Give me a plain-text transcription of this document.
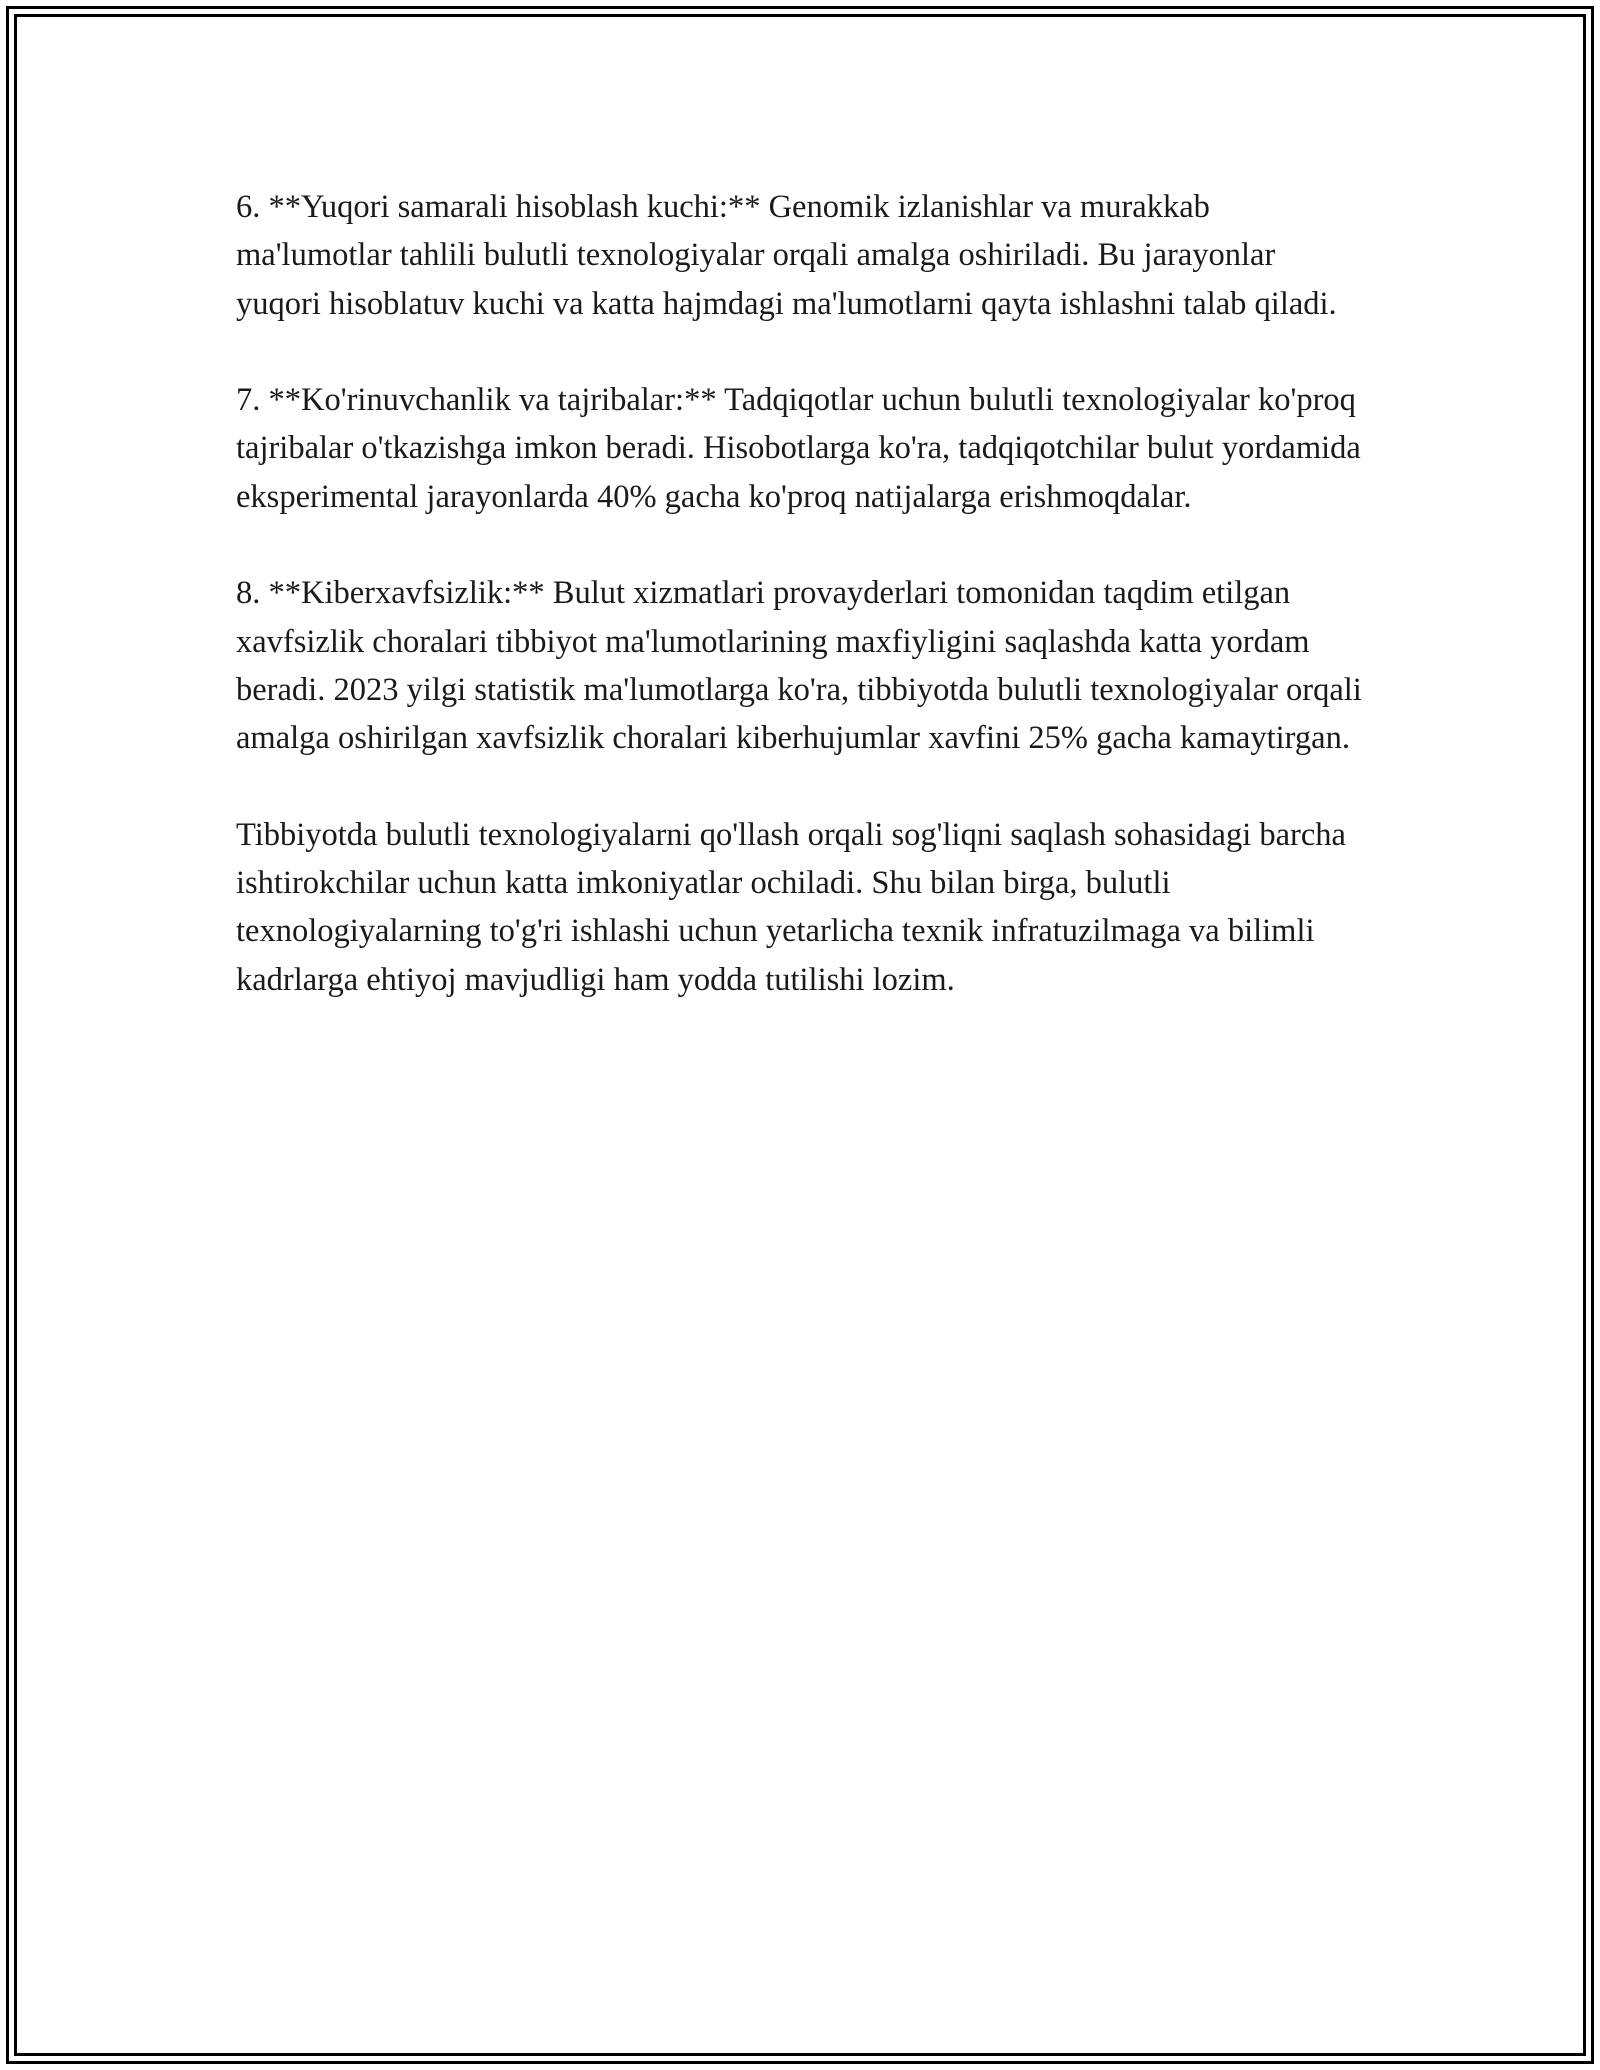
6. **Yuqori samarali hisoblash kuchi:** Genomik izlanishlar va murakkab ma'lumotlar tahlili bulutli texnologiyalar orqali amalga oshiriladi. Bu jarayonlar yuqori hisoblatuv kuchi va katta hajmdagi ma'lumotlarni qayta ishlashni talab qiladi.

7. **Ko'rinuvchanlik va tajribalar:** Tadqiqotlar uchun bulutli texnologiyalar ko'proq tajribalar o'tkazishga imkon beradi. Hisobotlarga ko'ra, tadqiqotchilar bulut yordamida eksperimental jarayonlarda 40% gacha ko'proq natijalarga erishmoqdalar.

8. **Kiberxavfsizlik:** Bulut xizmatlari provayderlari tomonidan taqdim etilgan xavfsizlik choralari tibbiyot ma'lumotlarining maxfiyligini saqlashda katta yordam beradi. 2023 yilgi statistik ma'lumotlarga ko'ra, tibbiyotda bulutli texnologiyalar orqali amalga oshirilgan xavfsizlik choralari kiberhujumlar xavfini 25% gacha kamaytirgan.

Tibbiyotda bulutli texnologiyalarni qo'llash orqali sog'liqni saqlash sohasidagi barcha ishtirokchilar uchun katta imkoniyatlar ochiladi. Shu bilan birga, bulutli texnologiyalarning to'g'ri ishlashi uchun yetarlicha texnik infratuzilmaga va bilimli kadrlarga ehtiyoj mavjudligi ham yodda tutilishi lozim.
